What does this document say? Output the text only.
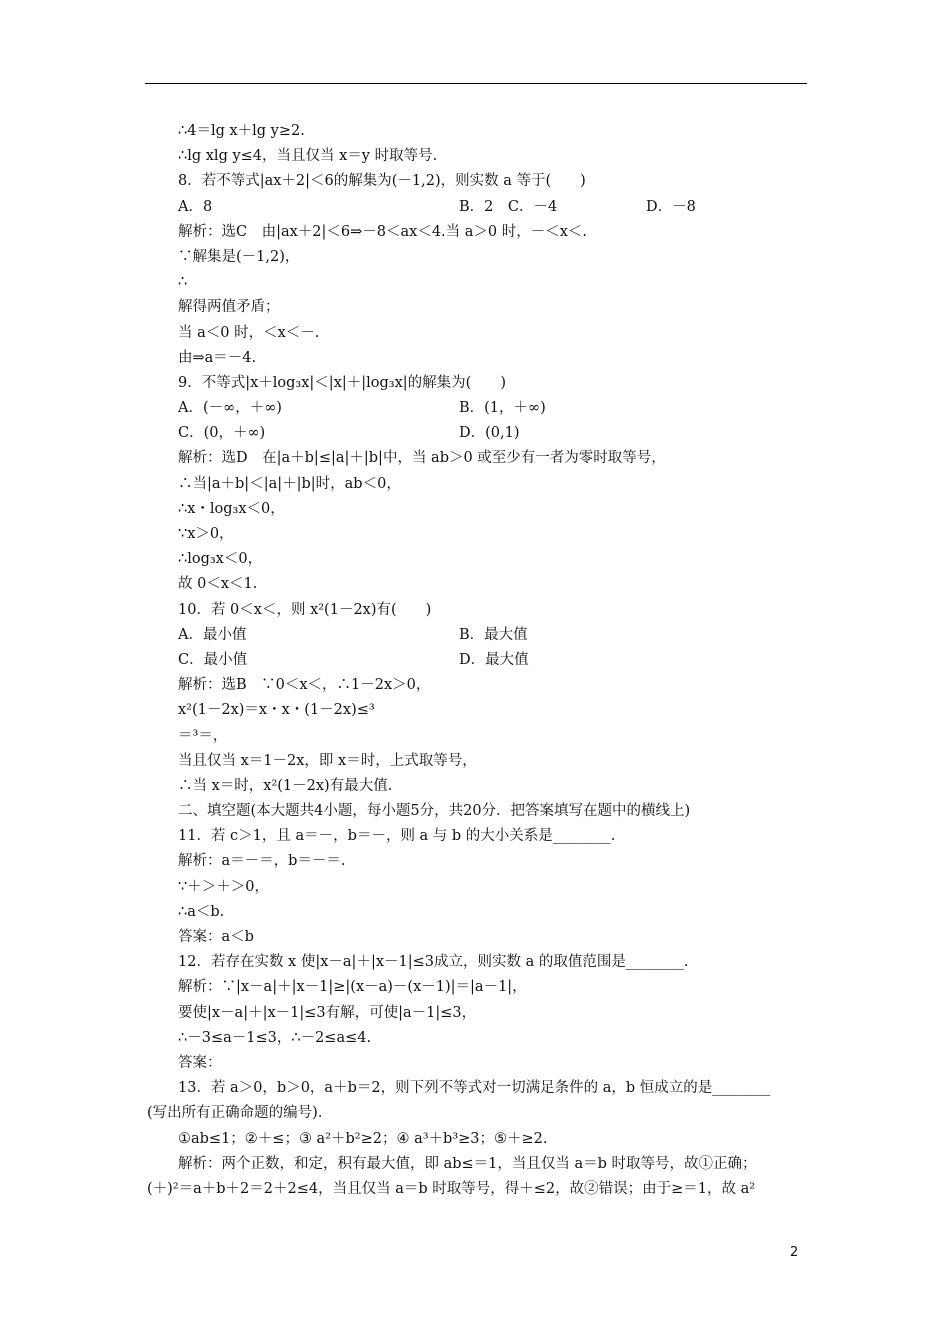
∴4＝lg x＋lg y≥2.
∴lg xlg y≤4，当且仅当 x＝y 时取等号.
8．若不等式|ax＋2|＜6的解集为(－1,2)，则实数 a 等于(　　)
A．8	B．2　C．－4	D．－8
解析：选C　由|ax＋2|＜6⇒－8＜ax＜4.当 a＞0 时，－＜x＜.
∵解集是(－1,2)，
∴
解得两值矛盾；
当 a＜0 时，＜x＜－.
由⇒a＝－4.
9．不等式|x＋log₃x|＜|x|＋|log₃x|的解集为(　　)
A．(－∞，＋∞)	B．(1，＋∞)
C．(0，＋∞)	D．(0,1)
解析：选D　在|a＋b|≤|a|＋|b|中，当 ab＞0 或至少有一者为零时取等号，
∴当|a＋b|＜|a|＋|b|时，ab＜0，
∴x・log₃x＜0，
∵x＞0，
∴log₃x＜0，
故 0＜x＜1.
10．若 0＜x＜，则 x²(1－2x)有(　　)
A．最小值	B．最大值
C．最小值	D．最大值
解析：选B　∵0＜x＜，∴1－2x＞0，
x²(1－2x)＝x・x・(1－2x)≤³
＝³＝，
当且仅当 x＝1－2x，即 x＝时，上式取等号，
∴当 x＝时，x²(1－2x)有最大值.
二、填空题(本大题共4小题，每小题5分，共20分．把答案填写在题中的横线上)
11．若 c＞1，且 a＝－，b＝－，则 a 与 b 的大小关系是________.
解析：a＝－＝，b＝－＝.
∵＋＞＋＞0，
∴a＜b.
答案：a＜b
12．若存在实数 x 使|x－a|＋|x－1|≤3成立，则实数 a 的取值范围是________.
解析：∵|x－a|＋|x－1|≥|(x－a)－(x－1)|＝|a－1|，
要使|x－a|＋|x－1|≤3有解，可使|a－1|≤3，
∴－3≤a－1≤3，∴－2≤a≤4.
答案：
13．若 a＞0，b＞0，a＋b＝2，则下列不等式对一切满足条件的 a，b 恒成立的是________
(写出所有正确命题的编号)．
①ab≤1；②＋≤；③ a²＋b²≥2；④ a³＋b³≥3；⑤＋≥2.
解析：两个正数，和定，积有最大值，即 ab≤＝1，当且仅当 a＝b 时取等号，故①正确；
(＋)²＝a＋b＋2＝2＋2≤4，当且仅当 a＝b 时取等号，得＋≤2，故②错误；由于≥＝1，故 a²
2
